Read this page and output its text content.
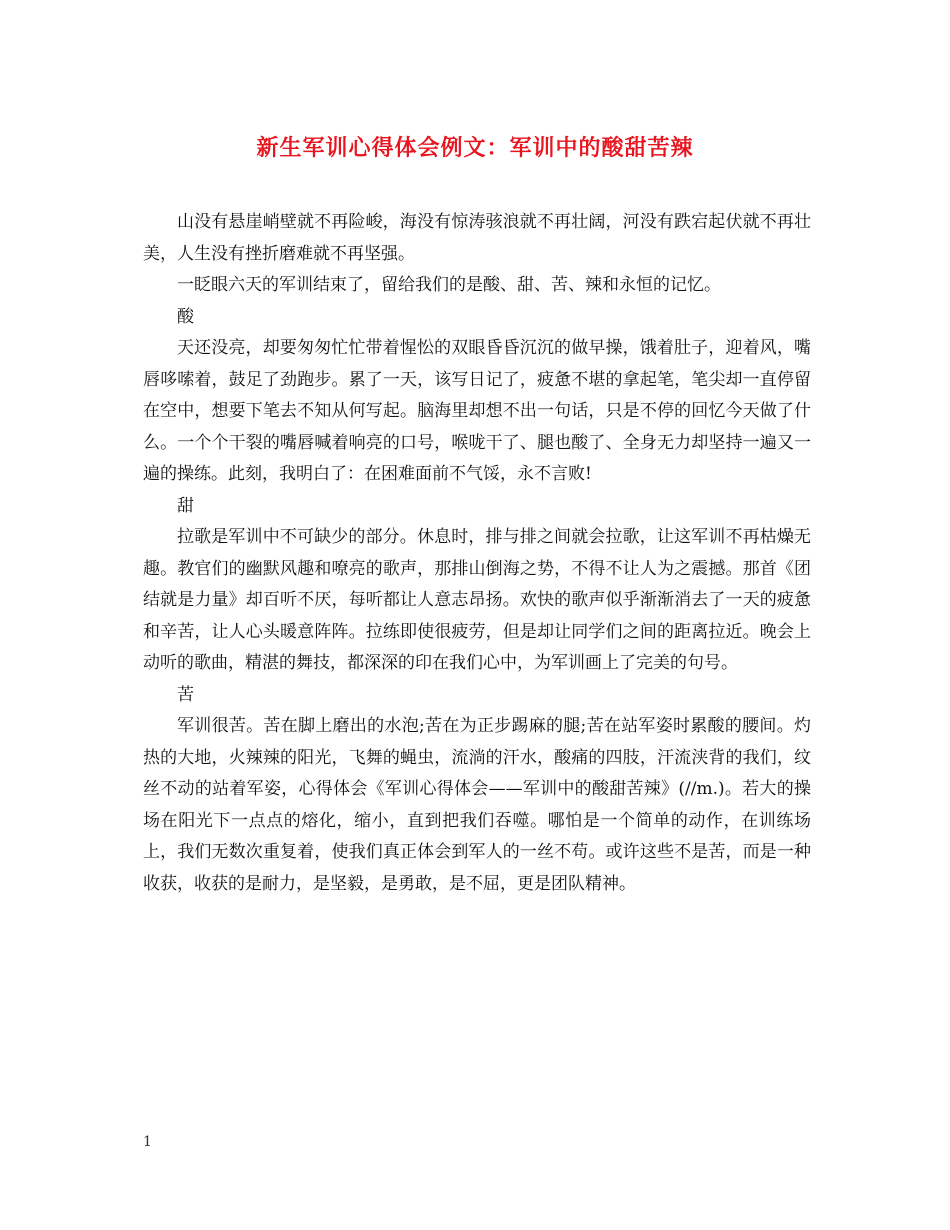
新生军训心得体会例文：军训中的酸甜苦辣

山没有悬崖峭壁就不再险峻，海没有惊涛骇浪就不再壮阔，河没有跌宕起伏就不再壮美，人生没有挫折磨难就不再坚强。

一眨眼六天的军训结束了，留给我们的是酸、甜、苦、辣和永恒的记忆。

酸

天还没亮，却要匆匆忙忙带着惺忪的双眼昏昏沉沉的做早操，饿着肚子，迎着风，嘴唇哆嗦着，鼓足了劲跑步。累了一天，该写日记了，疲惫不堪的拿起笔，笔尖却一直停留在空中，想要下笔去不知从何写起。脑海里却想不出一句话，只是不停的回忆今天做了什么。一个个干裂的嘴唇喊着响亮的口号，喉咙干了、腿也酸了、全身无力却坚持一遍又一遍的操练。此刻，我明白了：在困难面前不气馁，永不言败!

甜

拉歌是军训中不可缺少的部分。休息时，排与排之间就会拉歌，让这军训不再枯燥无趣。教官们的幽默风趣和嘹亮的歌声，那排山倒海之势，不得不让人为之震撼。那首《团结就是力量》却百听不厌，每听都让人意志昂扬。欢快的歌声似乎渐渐消去了一天的疲惫和辛苦，让人心头暖意阵阵。拉练即使很疲劳，但是却让同学们之间的距离拉近。晚会上动听的歌曲，精湛的舞技，都深深的印在我们心中，为军训画上了完美的句号。

苦

军训很苦。苦在脚上磨出的水泡;苦在为正步踢麻的腿;苦在站军姿时累酸的腰间。灼热的大地，火辣辣的阳光，飞舞的蝇虫，流淌的汗水，酸痛的四肢，汗流浃背的我们，纹丝不动的站着军姿，心得体会《军训心得体会——军训中的酸甜苦辣》(//m.)。若大的操场在阳光下一点点的熔化，缩小，直到把我们吞噬。哪怕是一个简单的动作，在训练场上，我们无数次重复着，使我们真正体会到军人的一丝不苟。或许这些不是苦，而是一种收获，收获的是耐力，是坚毅，是勇敢，是不屈，更是团队精神。

1
